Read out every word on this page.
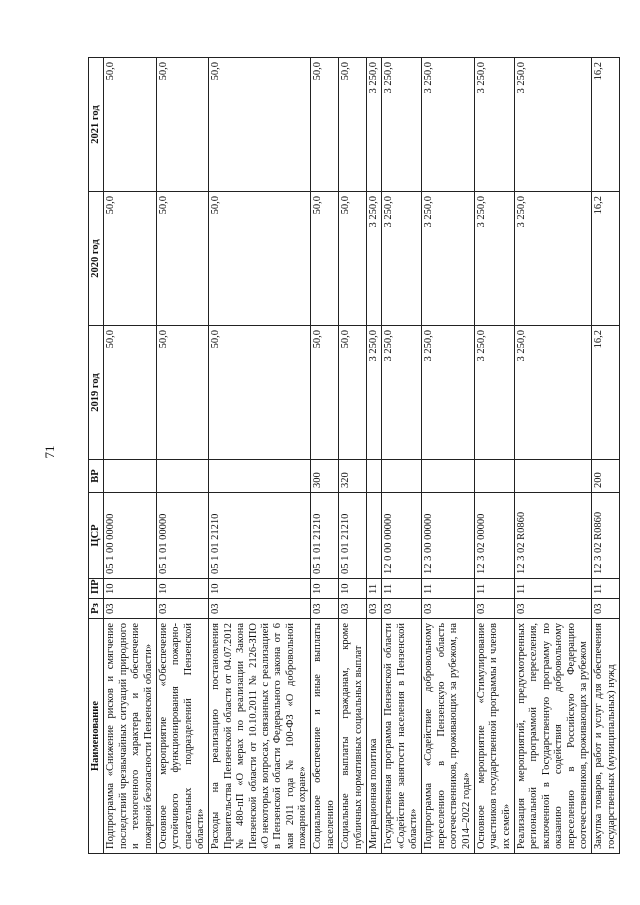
71
Наименование	Рз	ПР	ЦСР	ВР	2019 год	2020 год	2021 год
Подпрограмма «Снижение рисков и смягчение последствий чрезвычайных ситуаций природного и техногенного характера и обеспечение пожарной безопасности Пензенской области»	03	10	05 1 00 00000		50,0	50,0	50,0
Основное мероприятие «Обеспечение устойчивого функционирования пожарно-спасательных подразделений Пензенской области»	03	10	05 1 01 00000		50,0	50,0	50,0
Расходы на реализацию постановления Правительства Пензенской области от 04.07.2012 № 480-пП «О мерах по реализации Закона Пензенской области от 10.10.2011 № 2126-ЗПО «О некоторых вопросах, связанных с реализацией в Пензенской области Федерального закона от 6 мая 2011 года № 100-ФЗ «О добровольной пожарной охране»	03	10	05 1 01 21210		50,0	50,0	50,0
Социальное обеспечение и иные выплаты населению	03	10	05 1 01 21210	300	50,0	50,0	50,0
Социальные выплаты гражданам, кроме публичных нормативных социальных выплат	03	10	05 1 01 21210	320	50,0	50,0	50,0
Миграционная политика	03	11			3 250,0	3 250,0	3 250,0
Государственная программа Пензенской области «Содействие занятости населения в Пензенской области»	03	11	12 0 00 00000		3 250,0	3 250,0	3 250,0
Подпрограмма «Содействие добровольному переселению в Пензенскую область соотечественников, проживающих за рубежом, на 2014–2022 годы»	03	11	12 3 00 00000		3 250,0	3 250,0	3 250,0
Основное мероприятие «Стимулирование участников государственной программы и членов их семей»	03	11	12 3 02 00000		3 250,0	3 250,0	3 250,0
Реализация мероприятий, предусмотренных региональной программой переселения, включенной в Государственную программу по оказанию содействия добровольному переселению в Российскую Федерацию соотечественников, проживающих за рубежом	03	11	12 3 02 R0860		3 250,0	3 250,0	3 250,0
Закупка товаров, работ и услуг для обеспечения государственных (муниципальных) нужд	03	11	12 3 02 R0860	200	16,2	16,2	16,2
